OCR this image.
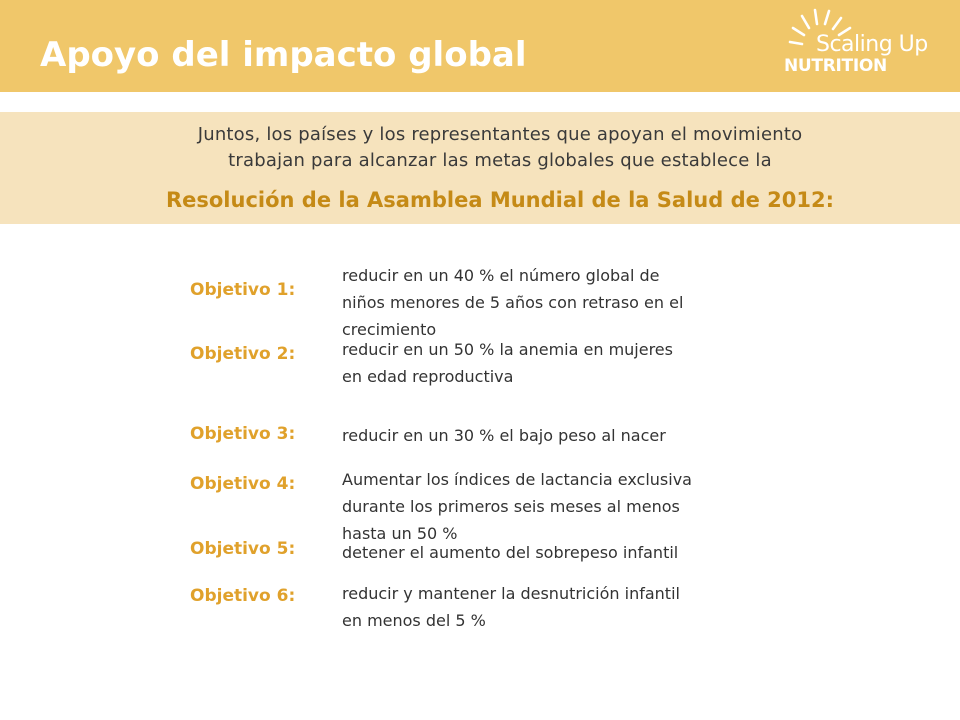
Apoyo del impacto global	Scaling Up
NUTRITION
Juntos, los países y los representantes que apoyan el movimiento
trabajan para alcanzar las metas globales que establece la
Resolución de la Asamblea Mundial de la Salud de 2012:
Objetivo 1:
reducir en un 40 % el número global de
niños menores de 5 años con retraso en el
crecimiento
Objetivo 2:	reducir en un 50 % la anemia en mujeres
en edad reproductiva
Objetivo 3:	reducir en un 30 % el bajo peso al nacer
Objetivo 4:	Aumentar los índices de lactancia exclusiva
durante los primeros seis meses al menos
hasta un 50 %
Objetivo 5:	detener el aumento del sobrepeso infantil
Objetivo 6:	reducir y mantener la desnutrición infantil
en menos del 5 %
